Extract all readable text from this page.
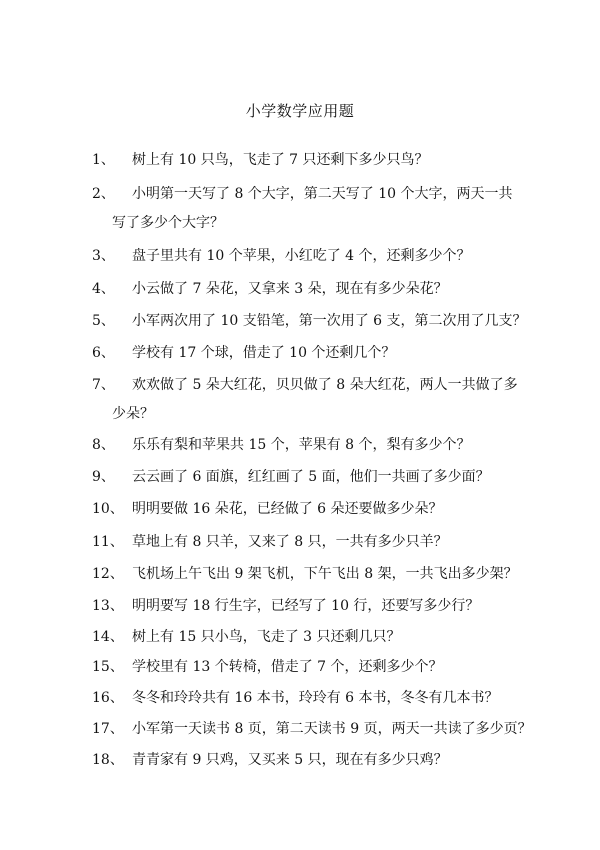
小学数学应用题
1、 树上有 10 只鸟，飞走了 7 只还剩下多少只鸟？
2、 小明第一天写了 8 个大字，第二天写了 10 个大字，两天一共
写了多少个大字？
3、 盘子里共有 10 个苹果，小红吃了 4 个，还剩多少个？
4、 小云做了 7 朵花，又拿来 3 朵，现在有多少朵花？
5、 小军两次用了 10 支铅笔，第一次用了 6 支，第二次用了几支？
6、 学校有 17 个球，借走了 10 个还剩几个？
7、 欢欢做了 5 朵大红花，贝贝做了 8 朵大红花，两人一共做了多
少朵？
8、 乐乐有梨和苹果共 15 个，苹果有 8 个，梨有多少个？
9、 云云画了 6 面旗，红红画了 5 面，他们一共画了多少面？
10、 明明要做 16 朵花，已经做了 6 朵还要做多少朵？
11、 草地上有 8 只羊，又来了 8 只，一共有多少只羊？
12、 飞机场上午飞出 9 架飞机，下午飞出 8 架，一共飞出多少架？
13、 明明要写 18 行生字，已经写了 10 行，还要写多少行？
14、 树上有 15 只小鸟，飞走了 3 只还剩几只？
15、 学校里有 13 个转椅，借走了 7 个，还剩多少个？
16、 冬冬和玲玲共有 16 本书，玲玲有 6 本书，冬冬有几本书？
17、 小军第一天读书 8 页，第二天读书 9 页，两天一共读了多少页？
18、 青青家有 9 只鸡，又买来 5 只，现在有多少只鸡？
